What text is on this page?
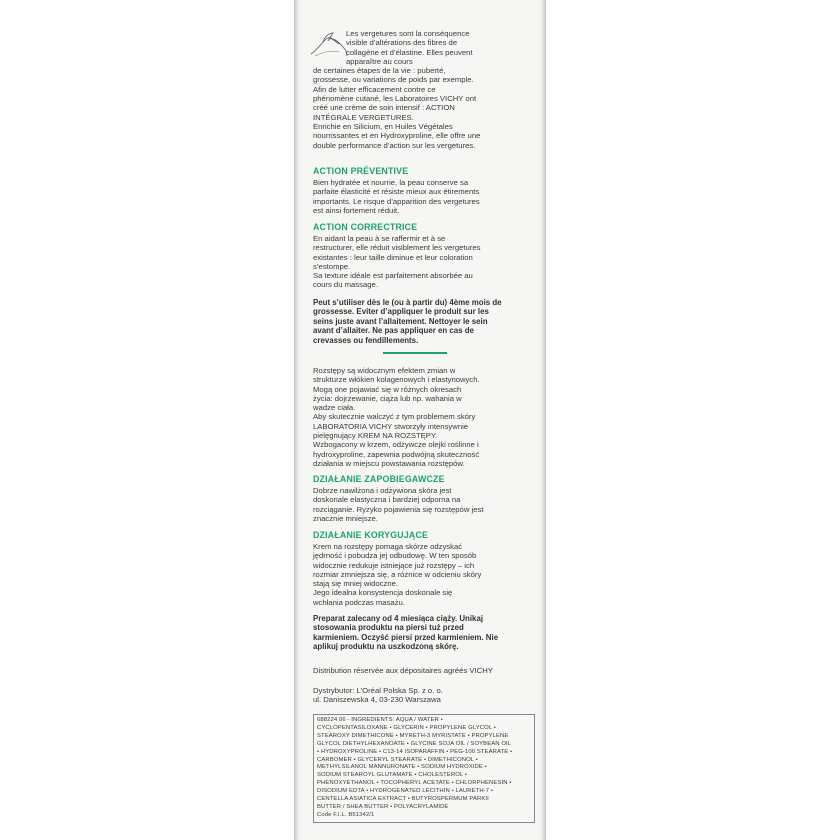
Les vergetures sont la conséquence
visible d’altérations des fibres de
collagène et d’élastine. Elles peuvent
apparaître au cours
de certaines étapes de la vie : puberté,
grossesse, ou variations de poids par exemple.
Afin de lutter efficacement contre ce
phénomène cutané, les Laboratoires VICHY ont
créé une crème de soin intensif : ACTION
INTÉGRALE VERGETURES.
Enrichie en Silicium, en Huiles Végétales
nourrissantes et en Hydroxyproline, elle offre une
double performance d’action sur les vergetures.
ACTION PRÉVENTIVE
Bien hydratée et nourrie, la peau conserve sa
parfaite élasticité et résiste mieux aux étirements
importants. Le risque d’apparition des vergetures
est ainsi fortement réduit.
ACTION CORRECTRICE
En aidant la peau à se raffermir et à se
restructurer, elle réduit visiblement les vergetures
existantes : leur taille diminue et leur coloration
s’estompe.
Sa texture idéale est parfaitement absorbée au
cours du massage.
Peut s’utiliser dès le (ou à partir du) 4ème mois de
grossesse. Eviter d’appliquer le produit sur les
seins juste avant l’allaitement. Nettoyer le sein
avant d’allaiter. Ne pas appliquer en cas de
crevasses ou fendillements.
Rozstępy są widocznym efektem zmian w
strukturze włókien kolagenowych i elastynowych.
Mogą one pojawiać się w różnych okresach
życia: dojrzewanie, ciąża lub np. wahania w
wadze ciała.
Aby skutecznie walczyć z tym problemem skóry
LABORATORIA VICHY stworzyły intensywnie
pielęgnujący KREM NA ROZSTĘPY.
Wzbogacony w krzem, odżywcze olejki roślinne i
hydroxyproline, zapewnia podwójną skuteczność
działania w miejscu powstawania rozstępów.
DZIAŁANIE ZAPOBIEGAWCZE
Dobrze nawilżona i odżywiona skóra jest
doskonale elastyczna i bardziej odporna na
rozciąganie. Ryzyko pojawienia się rozstępów jest
znacznie mniejsze.
DZIAŁANIE KORYGUJĄCE
Krem na rozstępy pomaga skórze odzyskać
jędrność i pobudza jej odbudowę. W ten sposób
widocznie redukuje istniejące już rozstępy – ich
rozmiar zmniejsza się, a różnice w odcieniu skóry
stają się mniej widoczne.
Jego idealna konsystencja doskonale się
wchłania podczas masażu.
Preparat zalecany od 4 miesiąca ciąży. Unikaj
stosowania produktu na piersi tuż przed
karmieniem. Oczyść piersi przed karmieniem. Nie
aplikuj produktu na uszkodzoną skórę.
Distribution réservée aux dépositaires agréés VICHY
Dystrybutor: L’Oréal Polska Sp. z o. o.
ul. Daniszewska 4, 03-230 Warszawa
688224 06 - INGREDIENTS: AQUA / WATER •
CYCLOPENTASILOXANE • GLYCERIN • PROPYLENE GLYCOL •
STEAROXY DIMETHICONE • MYRETH-3 MYRISTATE • PROPYLENE
GLYCOL DIETHYLHEXANOATE • GLYCINE SOJA OIL / SOYBEAN OIL
• HYDROXYPROLINE • C13-14 ISOPARAFFIN • PEG-100 STEARATE •
CARBOMER • GLYCERYL STEARATE • DIMETHICONOL •
METHYLSILANOL MANNURONATE • SODIUM HYDROXIDE •
SODIUM STEAROYL GLUTAMATE • CHOLESTEROL •
PHENOXYETHANOL • TOCOPHERYL ACETATE • CHLORPHENESIN •
DISODIUM EDTA • HYDROGENATED LECITHIN • LAURETH-7 •
CENTELLA ASIATICA EXTRACT • BUTYROSPERMUM PARKII
BUTTER / SHEA BUTTER • POLYACRYLAMIDE
Code F.I.L. B51342/1
